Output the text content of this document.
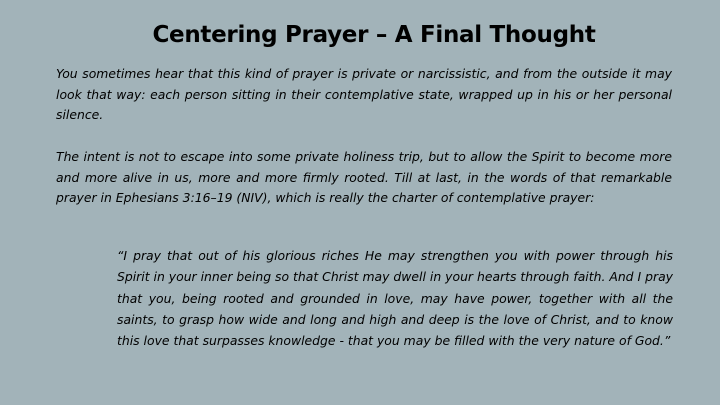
Centering Prayer – A Final Thought

You sometimes hear that this kind of prayer is private or narcissistic, and from the outside it may look that way: each person sitting in their contemplative state, wrapped up in his or her personal silence.

The intent is not to escape into some private holiness trip, but to allow the Spirit to become more and more alive in us, more and more firmly rooted. Till at last, in the words of that remarkable prayer in Ephesians 3:16–19 (NIV), which is really the charter of contemplative prayer:

“I pray that out of his glorious riches He may strengthen you with power through his Spirit in your inner being so that Christ may dwell in your hearts through faith. And I pray that you, being rooted and grounded in love, may have power, together with all the saints, to grasp how wide and long and high and deep is the love of Christ, and to know this love that surpasses knowledge - that you may be filled with the very nature of God.”
